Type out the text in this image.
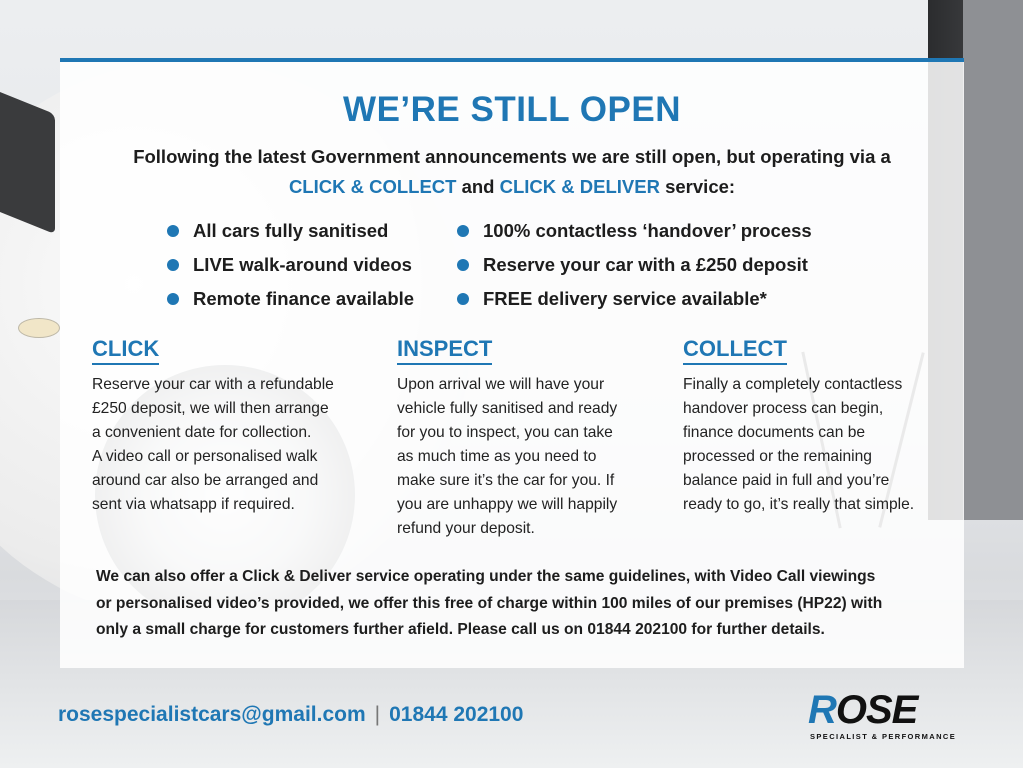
WE’RE STILL OPEN

Following the latest Government announcements we are still open, but operating via a
CLICK & COLLECT and CLICK & DELIVER service:

All cars fully sanitised
LIVE walk-around videos
Remote finance available
100% contactless ‘handover’ process
Reserve your car with a £250 deposit
FREE delivery service available*
CLICK

Reserve your car with a refundable
£250 deposit, we will then arrange
a convenient date for collection.
A video call or personalised walk
around car also be arranged and
sent via whatsapp if required.

INSPECT

Upon arrival we will have your
vehicle fully sanitised and ready
for you to inspect, you can take
as much time as you need to
make sure it’s the car for you. If
you are unhappy we will happily
refund your deposit.

COLLECT

Finally a completely contactless
handover process can begin,
finance documents can be
processed or the remaining
balance paid in full and you’re
ready to go, it’s really that simple.

We can also offer a Click & Deliver service operating under the same guidelines, with Video Call viewings
or personalised video’s provided, we offer this free of charge within 100 miles of our premises (HP22) with
only a small charge for customers further afield. Please call us on 01844 202100 for further details.

rosespecialistcars@gmail.com | 01844 202100	ROSE
SPECIALIST & PERFORMANCE
